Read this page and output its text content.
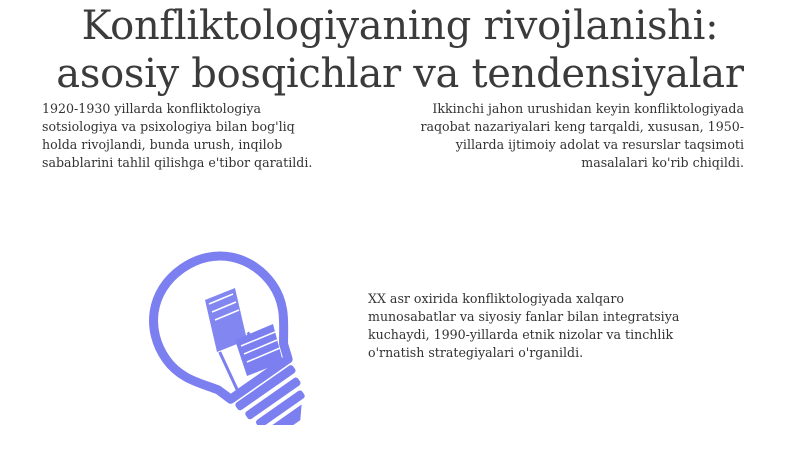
Konfliktologiyaning rivojlanishi:
asosiy bosqichlar va tendensiyalar
1920-1930 yillarda konfliktologiya
sotsiologiya va psixologiya bilan bog'liq
holda rivojlandi, bunda urush, inqilob
sabablarini tahlil qilishga e'tibor qaratildi.
Ikkinchi jahon urushidan keyin konfliktologiyada
raqobat nazariyalari keng tarqaldi, xususan, 1950-
yillarda ijtimoiy adolat va resurslar taqsimoti
masalalari ko'rib chiqildi.
XX asr oxirida konfliktologiyada xalqaro
munosabatlar va siyosiy fanlar bilan integratsiya
kuchaydi, 1990-yillarda etnik nizolar va tinchlik
o'rnatish strategiyalari o'rganildi.
